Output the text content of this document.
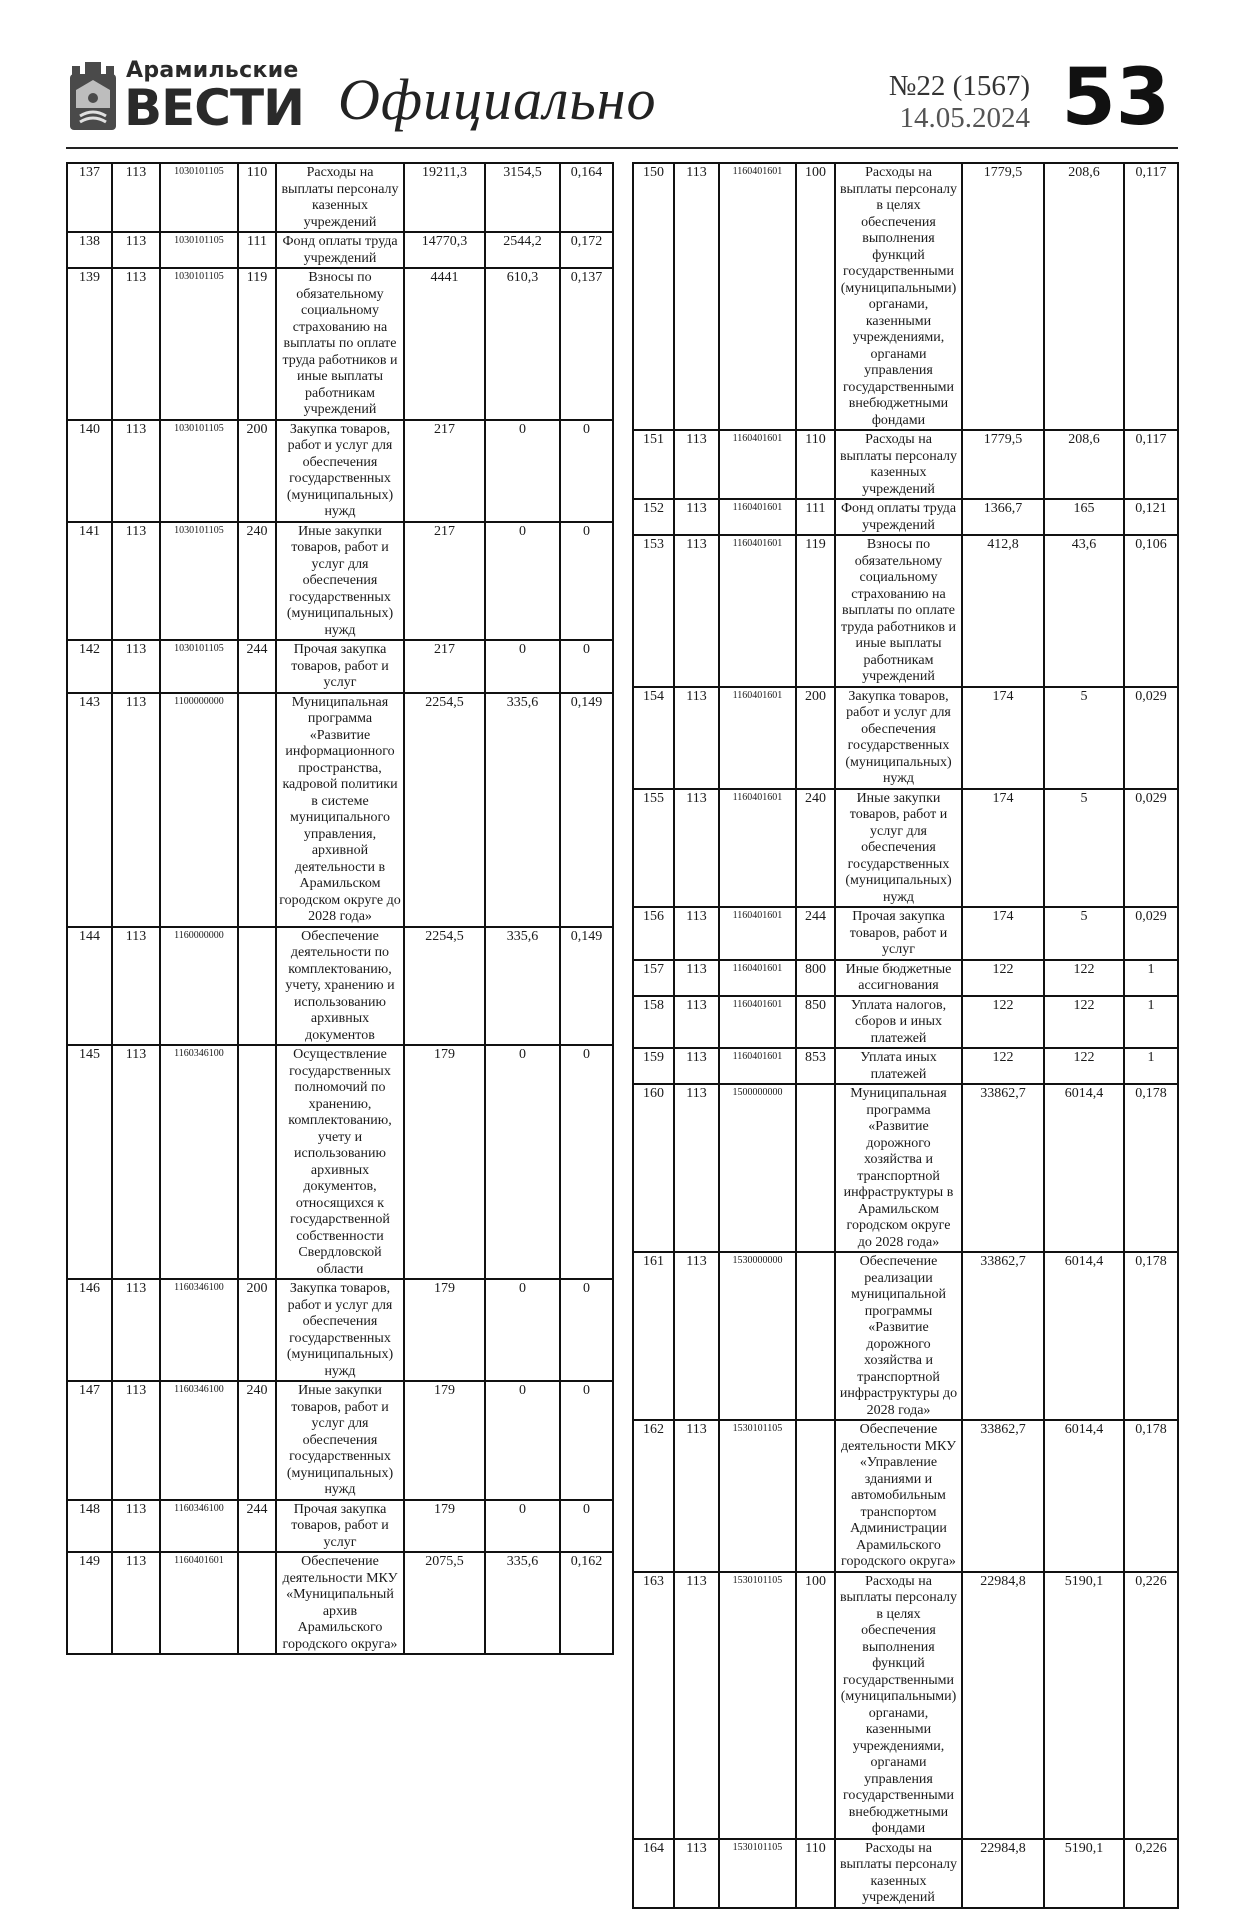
Арамильские
ВЕСТИ Официально	№22 (1567)
14.05.2024 53
137	113	1030101105	110	Расходы на выплаты персоналу казенных учреждений	19211,3	3154,5	0,164
138	113	1030101105	111	Фонд оплаты труда учреждений	14770,3	2544,2	0,172
139	113	1030101105	119	Взносы по обязательному социальному страхованию на выплаты по оплате труда работников и иные выплаты работникам учреждений	4441	610,3	0,137
140	113	1030101105	200	Закупка товаров, работ и услуг для обеспечения государственных (муниципальных) нужд	217	0	0
141	113	1030101105	240	Иные закупки товаров, работ и услуг для обеспечения государственных (муниципальных) нужд	217	0	0
142	113	1030101105	244	Прочая закупка товаров, работ и услуг	217	0	0
143	113	1100000000		Муниципальная программа «Развитие информационного пространства, кадровой политики в системе муниципального управления, архивной деятельности в Арамильском городском округе до 2028 года»	2254,5	335,6	0,149
144	113	1160000000		Обеспечение деятельности по комплектованию, учету, хранению и использованию архивных документов	2254,5	335,6	0,149
145	113	1160346100		Осуществление государственных полномочий по хранению, комплектованию, учету и использованию архивных документов, относящихся к государственной собственности Свердловской области	179	0	0
146	113	1160346100	200	Закупка товаров, работ и услуг для обеспечения государственных (муниципальных) нужд	179	0	0
147	113	1160346100	240	Иные закупки товаров, работ и услуг для обеспечения государственных (муниципальных) нужд	179	0	0
148	113	1160346100	244	Прочая закупка товаров, работ и услуг	179	0	0
149	113	1160401601		Обеспечение деятельности МКУ «Муниципальный архив Арамильского городского округа»	2075,5	335,6	0,162
150	113	1160401601	100	Расходы на выплаты персоналу в целях обеспечения выполнения функций государственными (муниципальными) органами, казенными учреждениями, органами управления государственными внебюджетными фондами	1779,5	208,6	0,117
151	113	1160401601	110	Расходы на выплаты персоналу казенных учреждений	1779,5	208,6	0,117
152	113	1160401601	111	Фонд оплаты труда учреждений	1366,7	165	0,121
153	113	1160401601	119	Взносы по обязательному социальному страхованию на выплаты по оплате труда работников и иные выплаты работникам учреждений	412,8	43,6	0,106
154	113	1160401601	200	Закупка товаров, работ и услуг для обеспечения государственных (муниципальных) нужд	174	5	0,029
155	113	1160401601	240	Иные закупки товаров, работ и услуг для обеспечения государственных (муниципальных) нужд	174	5	0,029
156	113	1160401601	244	Прочая закупка товаров, работ и услуг	174	5	0,029
157	113	1160401601	800	Иные бюджетные ассигнования	122	122	1
158	113	1160401601	850	Уплата налогов, сборов и иных платежей	122	122	1
159	113	1160401601	853	Уплата иных платежей	122	122	1
160	113	1500000000		Муниципальная программа «Развитие дорожного хозяйства и транспортной инфраструктуры в Арамильском городском округе до 2028 года»	33862,7	6014,4	0,178
161	113	1530000000		Обеспечение реализации муниципальной программы «Развитие дорожного хозяйства и транспортной инфраструктуры до 2028 года»	33862,7	6014,4	0,178
162	113	1530101105		Обеспечение деятельности МКУ «Управление зданиями и автомобильным транспортом Администрации Арамильского городского округа»	33862,7	6014,4	0,178
163	113	1530101105	100	Расходы на выплаты персоналу в целях обеспечения выполнения функций государственными (муниципальными) органами, казенными учреждениями, органами управления государственными внебюджетными фондами	22984,8	5190,1	0,226
164	113	1530101105	110	Расходы на выплаты персоналу казенных учреждений	22984,8	5190,1	0,226
